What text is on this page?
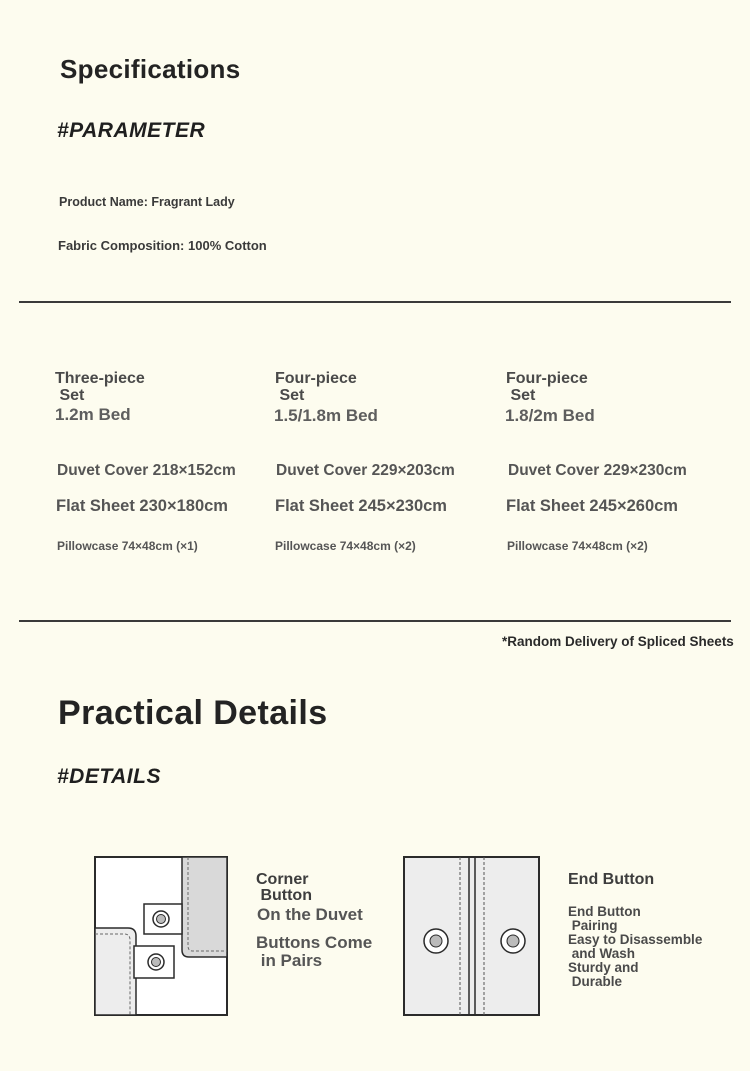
Specifications
#PARAMETER
Product Name: Fragrant Lady
Fabric Composition: 100% Cotton
Three-piece
Set
1.2m Bed
Duvet Cover 218×152cm
Flat Sheet 230×180cm
Pillowcase 74×48cm (×1)
Four-piece
Set
1.5/1.8m Bed
Duvet Cover 229×203cm
Flat Sheet 245×230cm
Pillowcase 74×48cm (×2)
Four-piece
Set
1.8/2m Bed
Duvet Cover 229×230cm
Flat Sheet 245×260cm
Pillowcase 74×48cm (×2)
*Random Delivery of Spliced Sheets
Practical Details
#DETAILS
Corner
Button
On the Duvet
Buttons Come
in Pairs
End Button
End Button
Pairing
Easy to Disassemble
and Wash
Sturdy and
Durable
